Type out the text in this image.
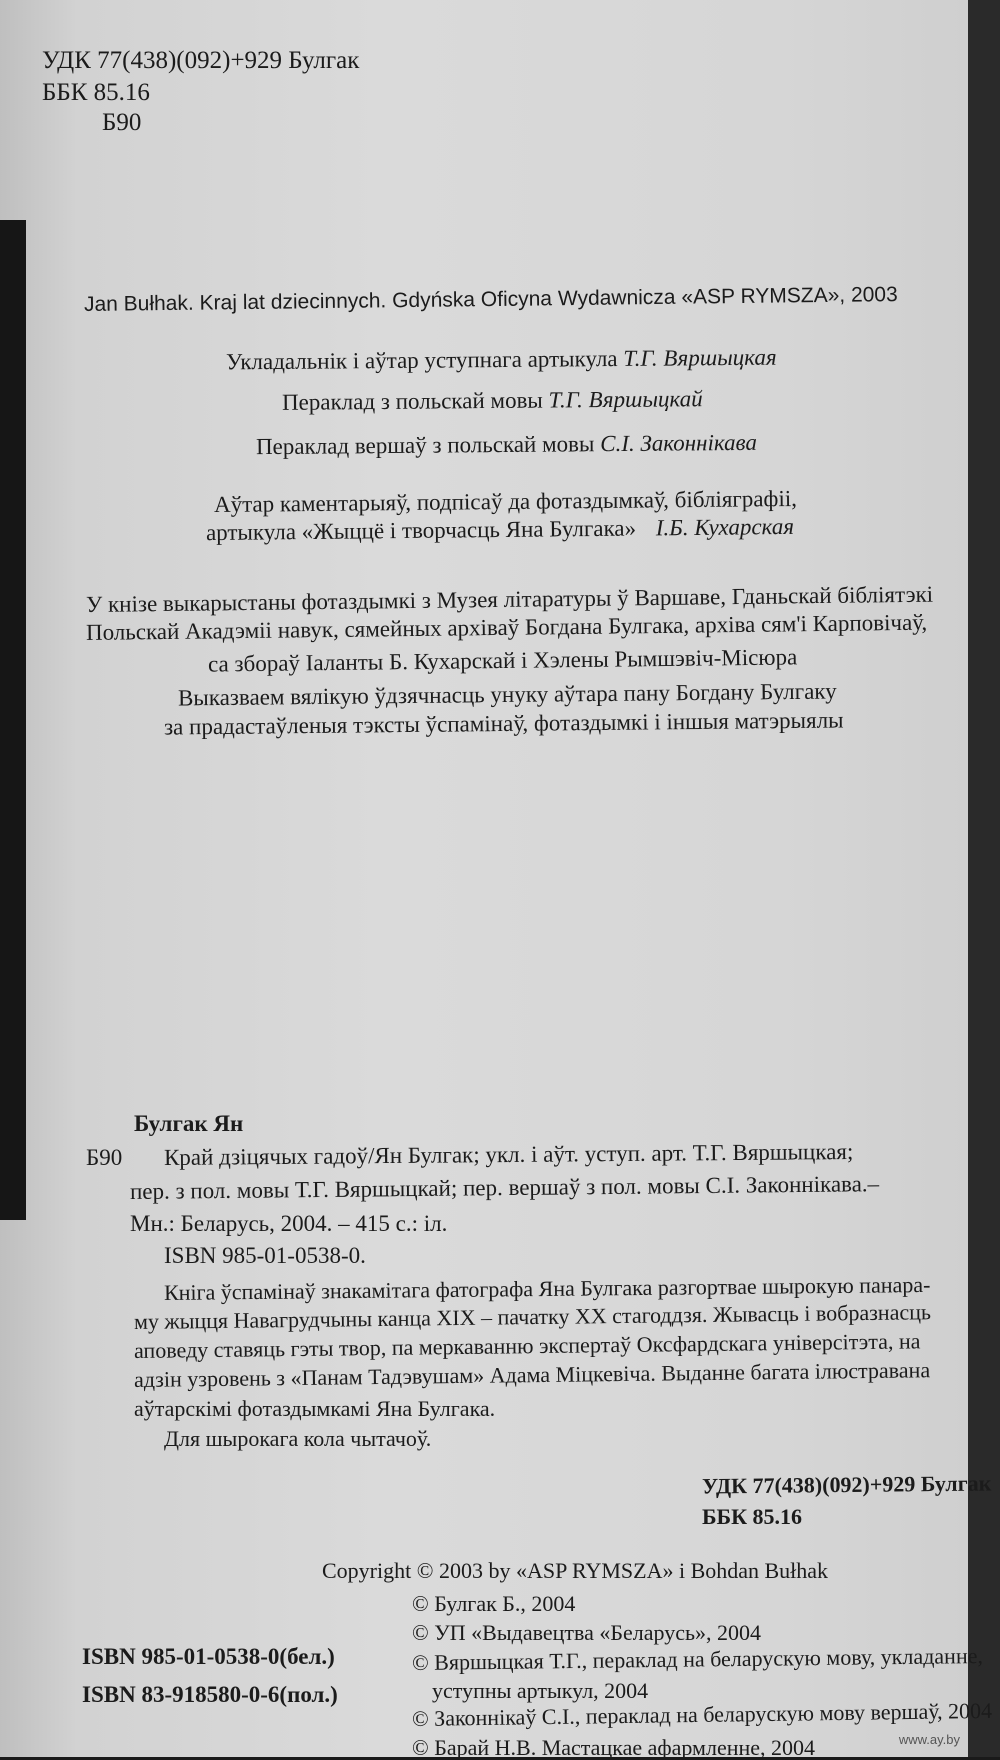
УДК 77(438)(092)+929 Булгак
ББК 85.16
Б90
Jan Bułhak. Kraj lat dziecinnych. Gdyńska Oficyna Wydawnicza «ASP RYMSZA», 2003
Укладальнік і аўтар уступнага артыкула Т.Г. Вяршыцкая
Пераклад з польскай мовы Т.Г. Вяршыцкай
Пераклад вершаў з польскай мовы С.І. Законнікава
Аўтар каментарыяў, подпісаў да фотаздымкаў, бібліяграфіі,
артыкула «Жыццё і творчасць Яна Булгака» І.Б. Кухарская
У кнізе выкарыстаны фотаздымкі з Музея літаратуры ў Варшаве, Гданьскай бібліятэкі
Польскай Акадэміі навук, сямейных архіваў Богдана Булгака, архіва сям'і Карповічаў,
са збораў Іаланты Б. Кухарскай і Хэлены Рымшэвіч-Місюра
Выказваем вялікую ўдзячнасць унуку аўтара пану Богдану Булгаку
за прадастаўленыя тэксты ўспамінаў, фотаздымкі і іншыя матэрыялы
Булгак Ян
Б90 Край дзіцячых гадоў/Ян Булгак; укл. і аўт. уступ. арт. Т.Г. Вяршыцкая;
пер. з пол. мовы Т.Г. Вяршыцкай; пер. вершаў з пол. мовы С.І. Законнікава.–
Мн.: Беларусь, 2004. – 415 с.: іл.
ISBN 985-01-0538-0.
Кніга ўспамінаў знакамітага фатографа Яна Булгака разгортвае шырокую панара-
му жыцця Навагрудчыны канца XIX – пачатку XX стагоддзя. Жывасць і вобразнасць
аповеду ставяць гэты твор, па меркаванню экспертаў Оксфардскага універсітэта, на
адзін узровень з «Панам Тадэвушам» Адама Міцкевіча. Выданне багата ілюстравана
аўтарскімі фотаздымкамі Яна Булгака.
Для шырокага кола чытачоў.
УДК 77(438)(092)+929 Булгак
ББК 85.16
ISBN 985-01-0538-0(бел.)
ISBN 83-918580-0-6(пол.)
Copyright © 2003 by «ASP RYMSZA» i Bohdan Bułhak
© Булгак Б., 2004
© УП «Выдавецтва «Беларусь», 2004
© Вяршыцкая Т.Г., пераклад на беларускую мову, укладанне,
уступны артыкул, 2004
© Законнікаў С.І., пераклад на беларускую мову вершаў, 2004
© Барай Н.В. Мастацкае афармленне, 2004	www.ay.by
